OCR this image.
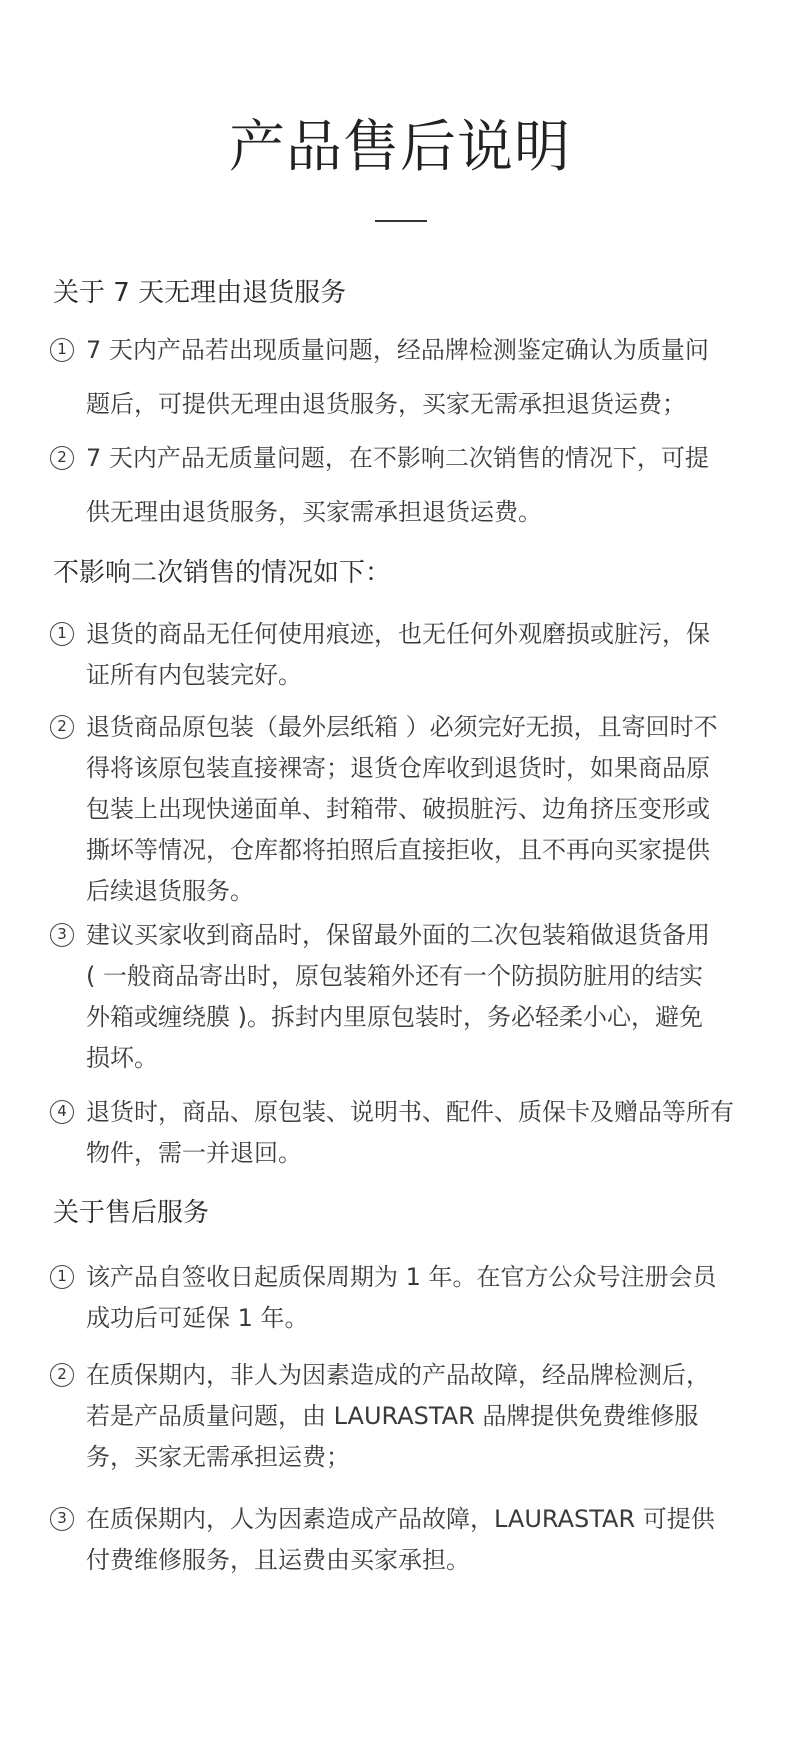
产品售后说明
关于 7 天无理由退货服务
1 7 天内产品若出现质量问题，经品牌检测鉴定确认为质量问
题后，可提供无理由退货服务，买家无需承担退货运费；
2 7 天内产品无质量问题，在不影响二次销售的情况下，可提
供无理由退货服务，买家需承担退货运费。
不影响二次销售的情况如下：
1 退货的商品无任何使用痕迹，也无任何外观磨损或脏污，保
证所有内包装完好。
2 退货商品原包装（最外层纸箱 ）必须完好无损，且寄回时不
得将该原包装直接裸寄；退货仓库收到退货时，如果商品原
包装上出现快递面单、封箱带、破损脏污、边角挤压变形或
撕坏等情况，仓库都将拍照后直接拒收，且不再向买家提供
后续退货服务。
3 建议买家收到商品时，保留最外面的二次包装箱做退货备用
( 一般商品寄出时，原包装箱外还有一个防损防脏用的结实
外箱或缠绕膜 )。拆封内里原包装时，务必轻柔小心，避免
损坏。
4 退货时，商品、原包装、说明书、配件、质保卡及赠品等所有
物件，需一并退回。
关于售后服务
1 该产品自签收日起质保周期为 1 年。在官方公众号注册会员
成功后可延保 1 年。
2 在质保期内，非人为因素造成的产品故障，经品牌检测后，
若是产品质量问题，由 LAURASTAR 品牌提供免费维修服
务，买家无需承担运费；
3 在质保期内，人为因素造成产品故障，LAURASTAR 可提供
付费维修服务，且运费由买家承担。
